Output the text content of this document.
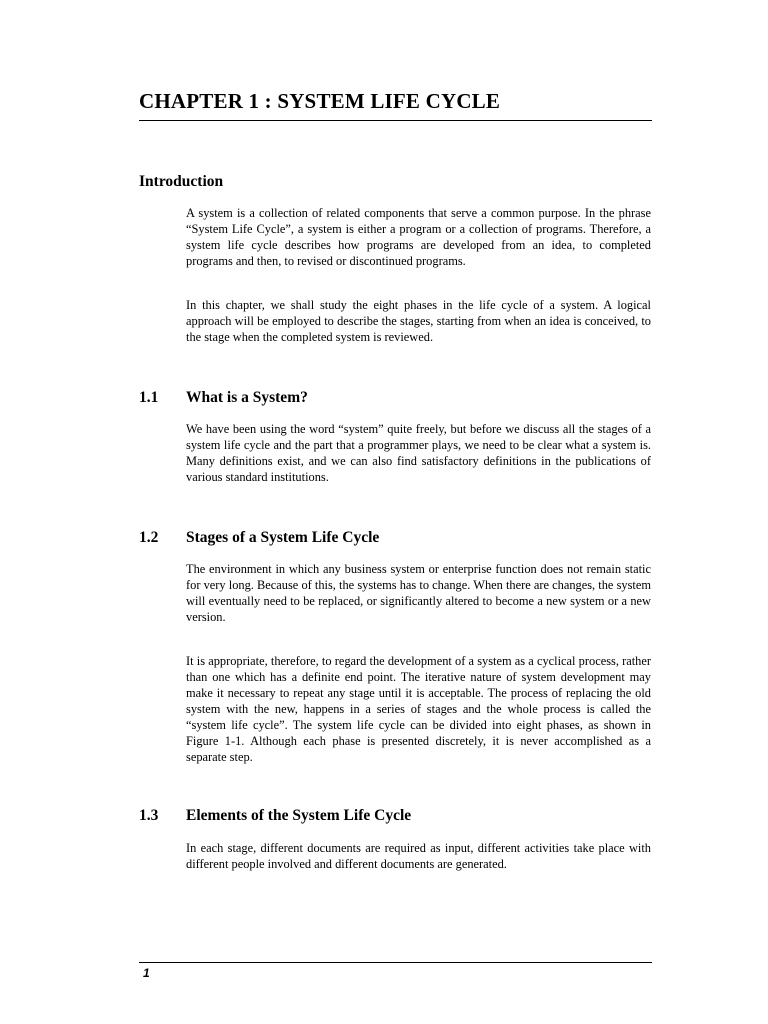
CHAPTER 1 : SYSTEM LIFE CYCLE
Introduction

A system is a collection of related components that serve a common purpose. In the phrase “System Life Cycle”, a system is either a program or a collection of programs. Therefore, a system life cycle describes how programs are developed from an idea, to completed programs and then, to revised or discontinued programs.

In this chapter, we shall study the eight phases in the life cycle of a system. A logical approach will be employed to describe the stages, starting from when an idea is conceived, to the stage when the completed system is reviewed.

1.1 What is a System?

We have been using the word “system” quite freely, but before we discuss all the stages of a system life cycle and the part that a programmer plays, we need to be clear what a system is. Many definitions exist, and we can also find satisfactory definitions in the publications of various standard institutions.

1.2 Stages of a System Life Cycle

The environment in which any business system or enterprise function does not remain static for very long. Because of this, the systems has to change. When there are changes, the system will eventually need to be replaced, or significantly altered to become a new system or a new version.

It is appropriate, therefore, to regard the development of a system as a cyclical process, rather than one which has a definite end point. The iterative nature of system development may make it necessary to repeat any stage until it is acceptable. The process of replacing the old system with the new, happens in a series of stages and the whole process is called the “system life cycle”. The system life cycle can be divided into eight phases, as shown in Figure 1-1. Although each phase is presented discretely, it is never accomplished as a separate step.

1.3 Elements of the System Life Cycle

In each stage, different documents are required as input, different activities take place with different people involved and different documents are generated.

1
